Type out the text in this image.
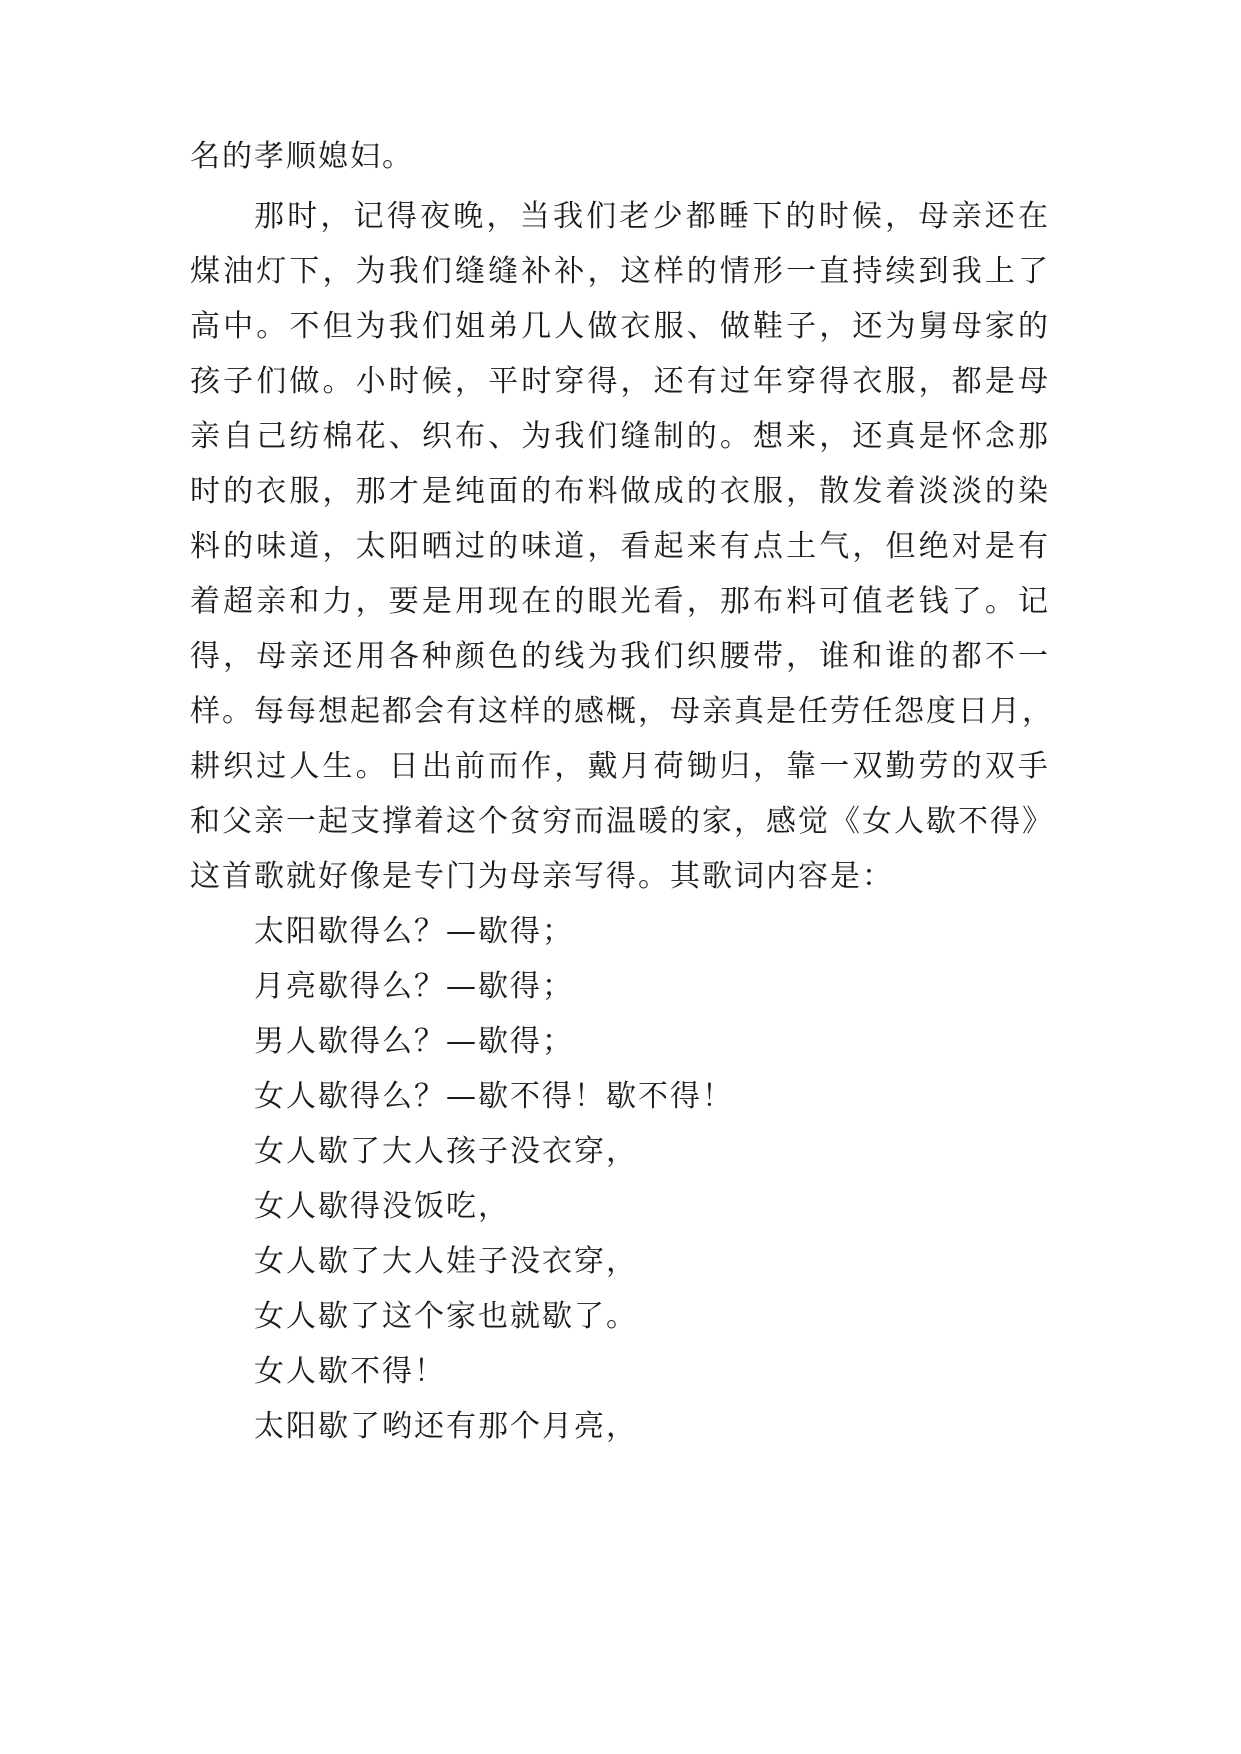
名的孝顺媳妇。
那时，记得夜晚，当我们老少都睡下的时候，母亲还在
煤油灯下，为我们缝缝补补，这样的情形一直持续到我上了
高中。不但为我们姐弟几人做衣服、做鞋子，还为舅母家的
孩子们做。小时候，平时穿得，还有过年穿得衣服，都是母
亲自己纺棉花、织布、为我们缝制的。想来，还真是怀念那
时的衣服，那才是纯面的布料做成的衣服，散发着淡淡的染
料的味道，太阳晒过的味道，看起来有点土气，但绝对是有
着超亲和力，要是用现在的眼光看，那布料可值老钱了。记
得，母亲还用各种颜色的线为我们织腰带，谁和谁的都不一
样。每每想起都会有这样的感概，母亲真是任劳任怨度日月，
耕织过人生。日出前而作，戴月荷锄归，靠一双勤劳的双手
和父亲一起支撑着这个贫穷而温暖的家，感觉《女人歇不得》
这首歌就好像是专门为母亲写得。其歌词内容是：
太阳歇得么？—歇得；
月亮歇得么？—歇得；
男人歇得么？—歇得；
女人歇得么？—歇不得！歇不得！
女人歇了大人孩子没衣穿，
女人歇得没饭吃，
女人歇了大人娃子没衣穿，
女人歇了这个家也就歇了。
女人歇不得！
太阳歇了哟还有那个月亮，
